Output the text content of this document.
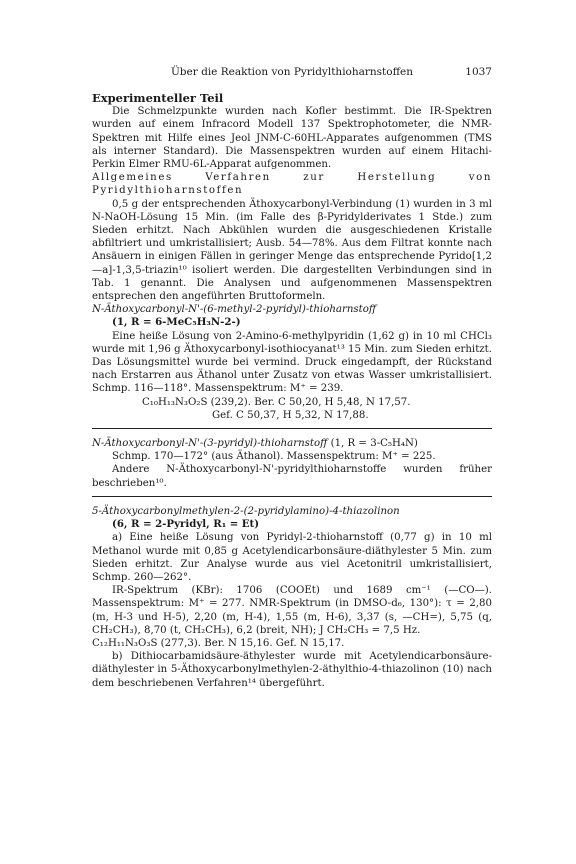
Über die Reaktion von Pyridylthioharnstoffen	1037

Experimenteller Teil

Die Schmelzpunkte wurden nach Kofler bestimmt. Die IR-Spektren wurden auf einem Infracord Modell 137 Spektrophotometer, die NMR-Spektren mit Hilfe eines Jeol JNM-C-60HL-Apparates aufgenommen (TMS als interner Standard). Die Massenspektren wurden auf einem Hitachi-Perkin Elmer RMU-6L-Apparat aufgenommen.

Allgemeines Verfahren zur Herstellung von Pyridylthioharnstoffen

0,5 g der entsprechenden Äthoxycarbonyl-Verbindung (1) wurden in 3 ml N-NaOH-Lösung 15 Min. (im Falle des β-Pyridylderivates 1 Stde.) zum Sieden erhitzt. Nach Abkühlen wurden die ausgeschiedenen Kristalle abfiltriert und umkristallisiert; Ausb. 54—78%. Aus dem Filtrat konnte nach Ansäuern in einigen Fällen in geringer Menge das entsprechende Pyrido[1,2—a]-1,3,5-triazin¹⁰ isoliert werden. Die dargestellten Verbindungen sind in Tab. 1 genannt. Die Analysen und aufgenommenen Massenspektren entsprechen den angeführten Bruttoformeln.

N-Äthoxycarbonyl-N'-(6-methyl-2-pyridyl)-thioharnstoff

(1, R = 6-MeC₅H₃N-2-)

Eine heiße Lösung von 2-Amino-6-methylpyridin (1,62 g) in 10 ml CHCl₃ wurde mit 1,96 g Äthoxycarbonyl-isothiocyanat¹³ 15 Min. zum Sieden erhitzt. Das Lösungsmittel wurde bei vermind. Druck eingedampft, der Rückstand nach Erstarren aus Äthanol unter Zusatz von etwas Wasser umkristallisiert. Schmp. 116—118°. Massenspektrum: M⁺ = 239.

C₁₀H₁₃N₃O₂S (239,2). Ber. C 50,20, H 5,48, N 17,57.

Gef. C 50,37, H 5,32, N 17,88.

N-Äthoxycarbonyl-N'-(3-pyridyl)-thioharnstoff (1, R = 3-C₅H₄N)

Schmp. 170—172° (aus Äthanol). Massenspektrum: M⁺ = 225.

Andere N-Äthoxycarbonyl-N'-pyridylthioharnstoffe wurden früher beschrieben¹⁰.

5-Äthoxycarbonylmethylen-2-(2-pyridylamino)-4-thiazolinon

(6, R = 2-Pyridyl, R₁ = Et)

a) Eine heiße Lösung von Pyridyl-2-thioharnstoff (0,77 g) in 10 ml Methanol wurde mit 0,85 g Acetylendicarbonsäure-diäthylester 5 Min. zum Sieden erhitzt. Zur Analyse wurde aus viel Acetonitril umkristallisiert, Schmp. 260—262°.

IR-Spektrum (KBr): 1706 (COOEt) und 1689 cm⁻¹ (—CO—). Massenspektrum: M⁺ = 277. NMR-Spektrum (in DMSO-d₆, 130°): τ = 2,80 (m, H-3 und H-5), 2,20 (m, H-4), 1,55 (m, H-6), 3,37 (s, —CH=), 5,75 (q, CH₂CH₃), 8,70 (t, CH₂CH₃), 6,2 (breit, NH); J CH₂CH₃ = 7,5 Hz.

C₁₂H₁₁N₃O₃S (277,3). Ber. N 15,16. Gef. N 15,17.

b) Dithiocarbamidsäure-äthylester wurde mit Acetylendicarbonsäure-diäthylester in 5-Äthoxycarbonylmethylen-2-äthylthio-4-thiazolinon (10) nach dem beschriebenen Verfahren¹⁴ übergeführt.
